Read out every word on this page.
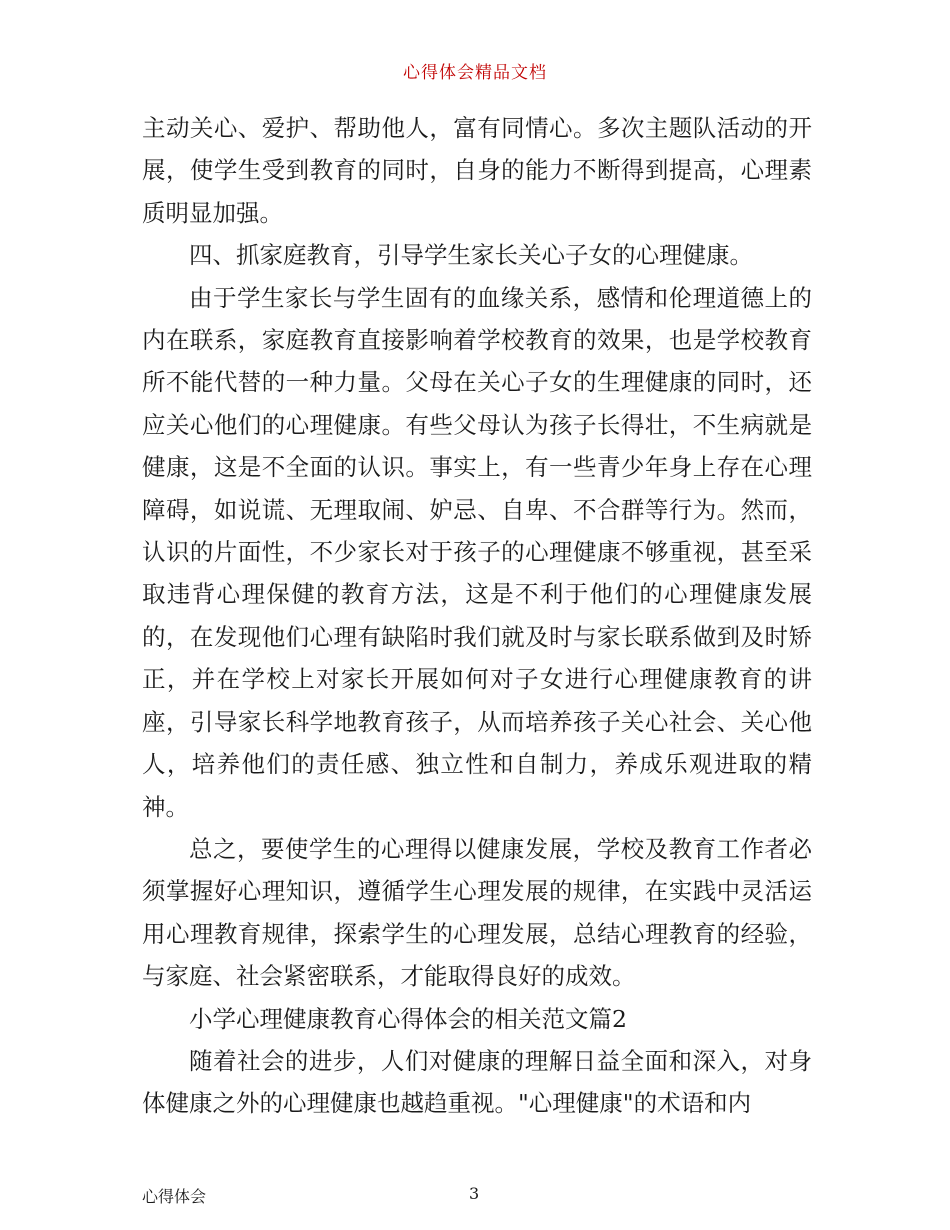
心得体会精品文档

主动关心、爱护、帮助他人，富有同情心。多次主题队活动的开展，使学生受到教育的同时，自身的能力不断得到提高，心理素质明显加强。

四、抓家庭教育，引导学生家长关心子女的心理健康。

由于学生家长与学生固有的血缘关系，感情和伦理道德上的内在联系，家庭教育直接影响着学校教育的效果，也是学校教育所不能代替的一种力量。父母在关心子女的生理健康的同时，还应关心他们的心理健康。有些父母认为孩子长得壮，不生病就是健康，这是不全面的认识。事实上，有一些青少年身上存在心理障碍，如说谎、无理取闹、妒忌、自卑、不合群等行为。然而，认识的片面性，不少家长对于孩子的心理健康不够重视，甚至采取违背心理保健的教育方法，这是不利于他们的心理健康发展的，在发现他们心理有缺陷时我们就及时与家长联系做到及时矫正，并在学校上对家长开展如何对子女进行心理健康教育的讲座，引导家长科学地教育孩子，从而培养孩子关心社会、关心他人，培养他们的责任感、独立性和自制力，养成乐观进取的精神。

总之，要使学生的心理得以健康发展，学校及教育工作者必须掌握好心理知识，遵循学生心理发展的规律，在实践中灵活运用心理教育规律，探索学生的心理发展，总结心理教育的经验，与家庭、社会紧密联系，才能取得良好的成效。

小学心理健康教育心得体会的相关范文篇2

随着社会的进步，人们对健康的理解日益全面和深入，对身体健康之外的心理健康也越趋重视。"心理健康"的术语和内

心得体会	3
